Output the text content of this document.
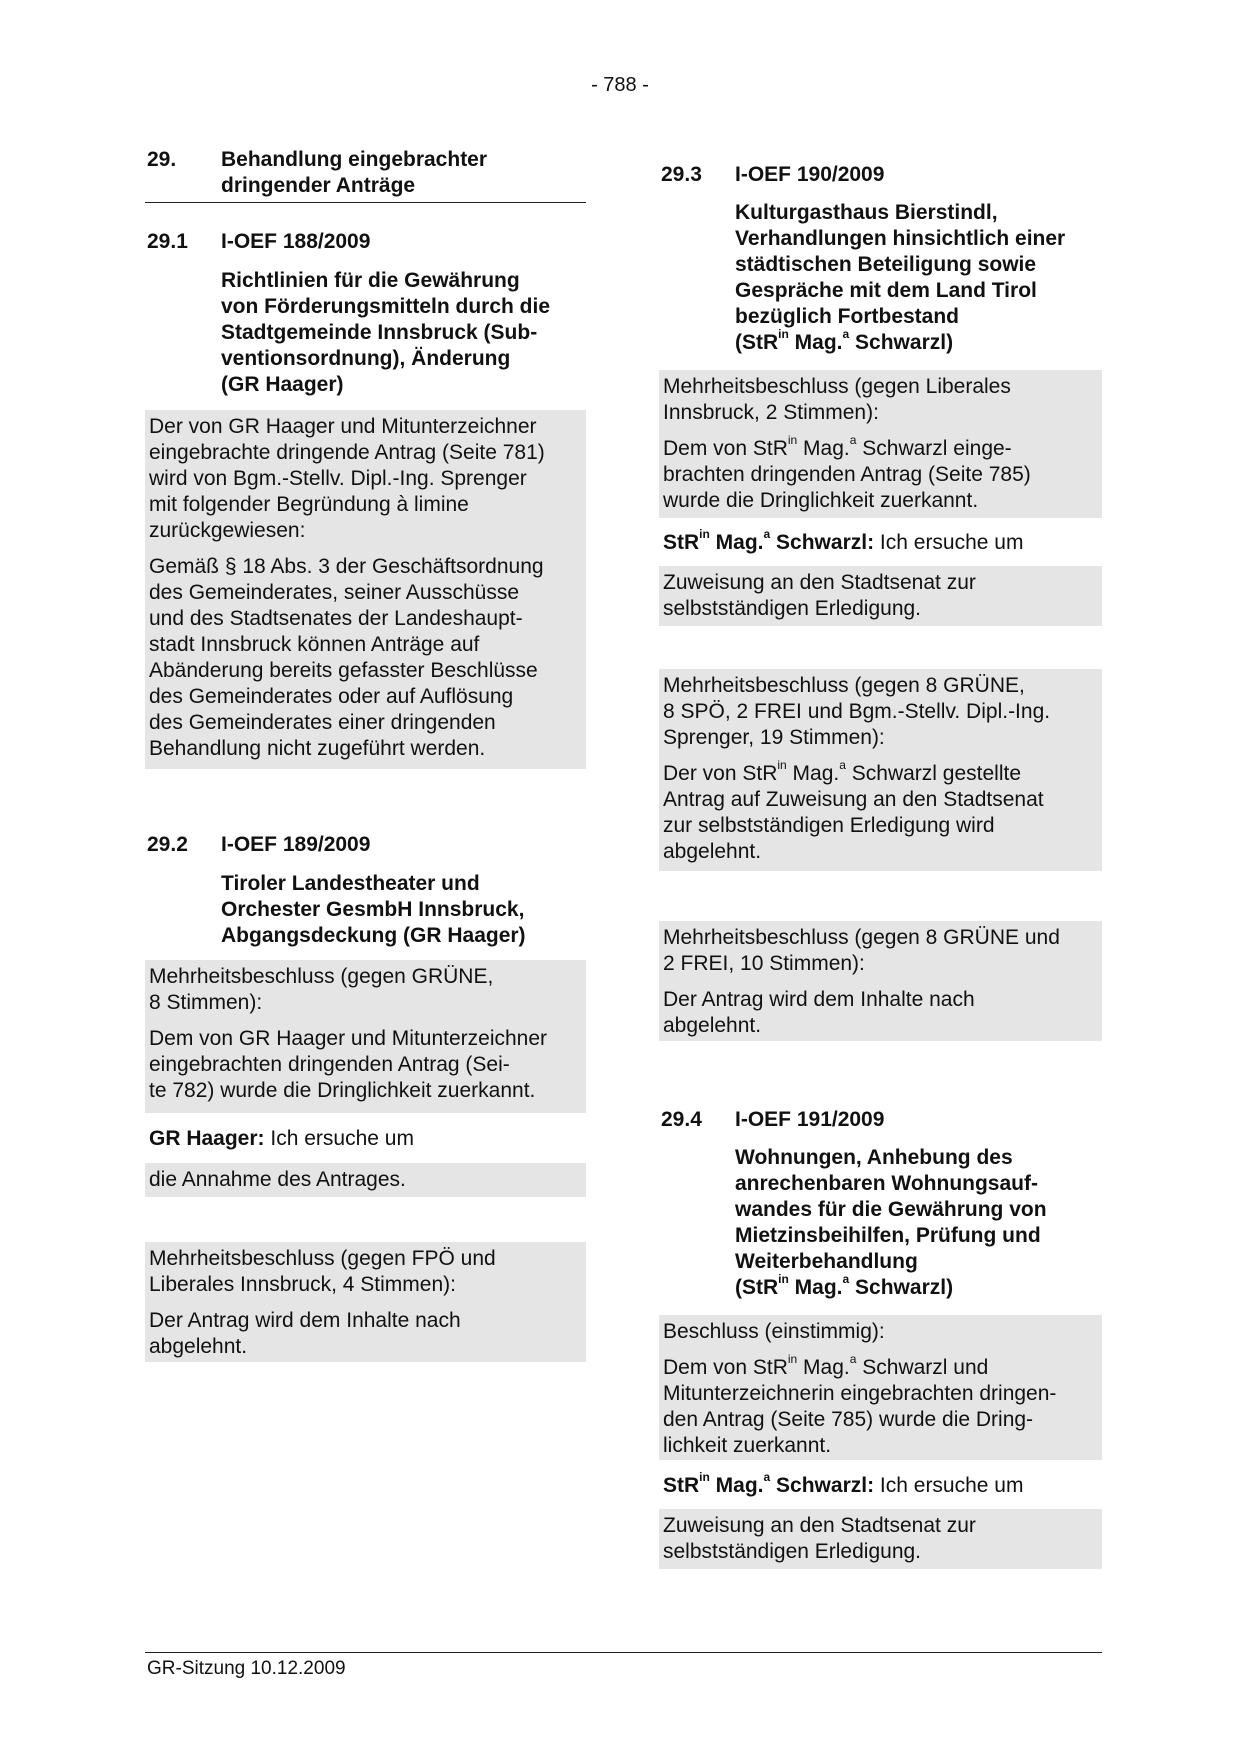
- 788 -
29. Behandlung eingebrachter
dringender Anträge
29.1 I-OEF 188/2009
Richtlinien für die Gewährung
von Förderungsmitteln durch die
Stadtgemeinde Innsbruck (Sub-
ventionsordnung), Änderung
(GR Haager)
Der von GR Haager und Mitunterzeichner
eingebrachte dringende Antrag (Seite 781)
wird von Bgm.-Stellv. Dipl.-Ing. Sprenger
mit folgender Begründung à limine
zurückgewiesen:
Gemäß § 18 Abs. 3 der Geschäftsordnung
des Gemeinderates, seiner Ausschüsse
und des Stadtsenates der Landeshaupt-
stadt Innsbruck können Anträge auf
Abänderung bereits gefasster Beschlüsse
des Gemeinderates oder auf Auflösung
des Gemeinderates einer dringenden
Behandlung nicht zugeführt werden.
29.2 I-OEF 189/2009
Tiroler Landestheater und
Orchester GesmbH Innsbruck,
Abgangsdeckung (GR Haager)
Mehrheitsbeschluss (gegen GRÜNE,
8 Stimmen):
Dem von GR Haager und Mitunterzeichner
eingebrachten dringenden Antrag (Sei-
te 782) wurde die Dringlichkeit zuerkannt.
GR Haager: Ich ersuche um
die Annahme des Antrages.
Mehrheitsbeschluss (gegen FPÖ und
Liberales Innsbruck, 4 Stimmen):
Der Antrag wird dem Inhalte nach
abgelehnt.
29.3 I-OEF 190/2009
Kulturgasthaus Bierstindl,
Verhandlungen hinsichtlich einer
städtischen Beteiligung sowie
Gespräche mit dem Land Tirol
bezüglich Fortbestand
(StR$^{in}$ Mag.$^a$ Schwarzl)
Mehrheitsbeschluss (gegen Liberales
Innsbruck, 2 Stimmen):
Dem von StR$^{in}$ Mag.$^a$ Schwarzl einge-
brachten dringenden Antrag (Seite 785)
wurde die Dringlichkeit zuerkannt.
StR$^{in}$ Mag.$^a$ Schwarzl: Ich ersuche um
Zuweisung an den Stadtsenat zur
selbstständigen Erledigung.
Mehrheitsbeschluss (gegen 8 GRÜNE,
8 SPÖ, 2 FREI und Bgm.-Stellv. Dipl.-Ing.
Sprenger, 19 Stimmen):
Der von StR$^{in}$ Mag.$^a$ Schwarzl gestellte
Antrag auf Zuweisung an den Stadtsenat
zur selbstständigen Erledigung wird
abgelehnt.
Mehrheitsbeschluss (gegen 8 GRÜNE und
2 FREI, 10 Stimmen):
Der Antrag wird dem Inhalte nach
abgelehnt.
29.4 I-OEF 191/2009
Wohnungen, Anhebung des
anrechenbaren Wohnungsauf-
wandes für die Gewährung von
Mietzinsbeihilfen, Prüfung und
Weiterbehandlung
(StR$^{in}$ Mag.$^a$ Schwarzl)
Beschluss (einstimmig):
Dem von StR$^{in}$ Mag.$^a$ Schwarzl und
Mitunterzeichnerin eingebrachten dringen-
den Antrag (Seite 785) wurde die Dring-
lichkeit zuerkannt.
StR$^{in}$ Mag.$^a$ Schwarzl: Ich ersuche um
Zuweisung an den Stadtsenat zur
selbstständigen Erledigung.
GR-Sitzung 10.12.2009
